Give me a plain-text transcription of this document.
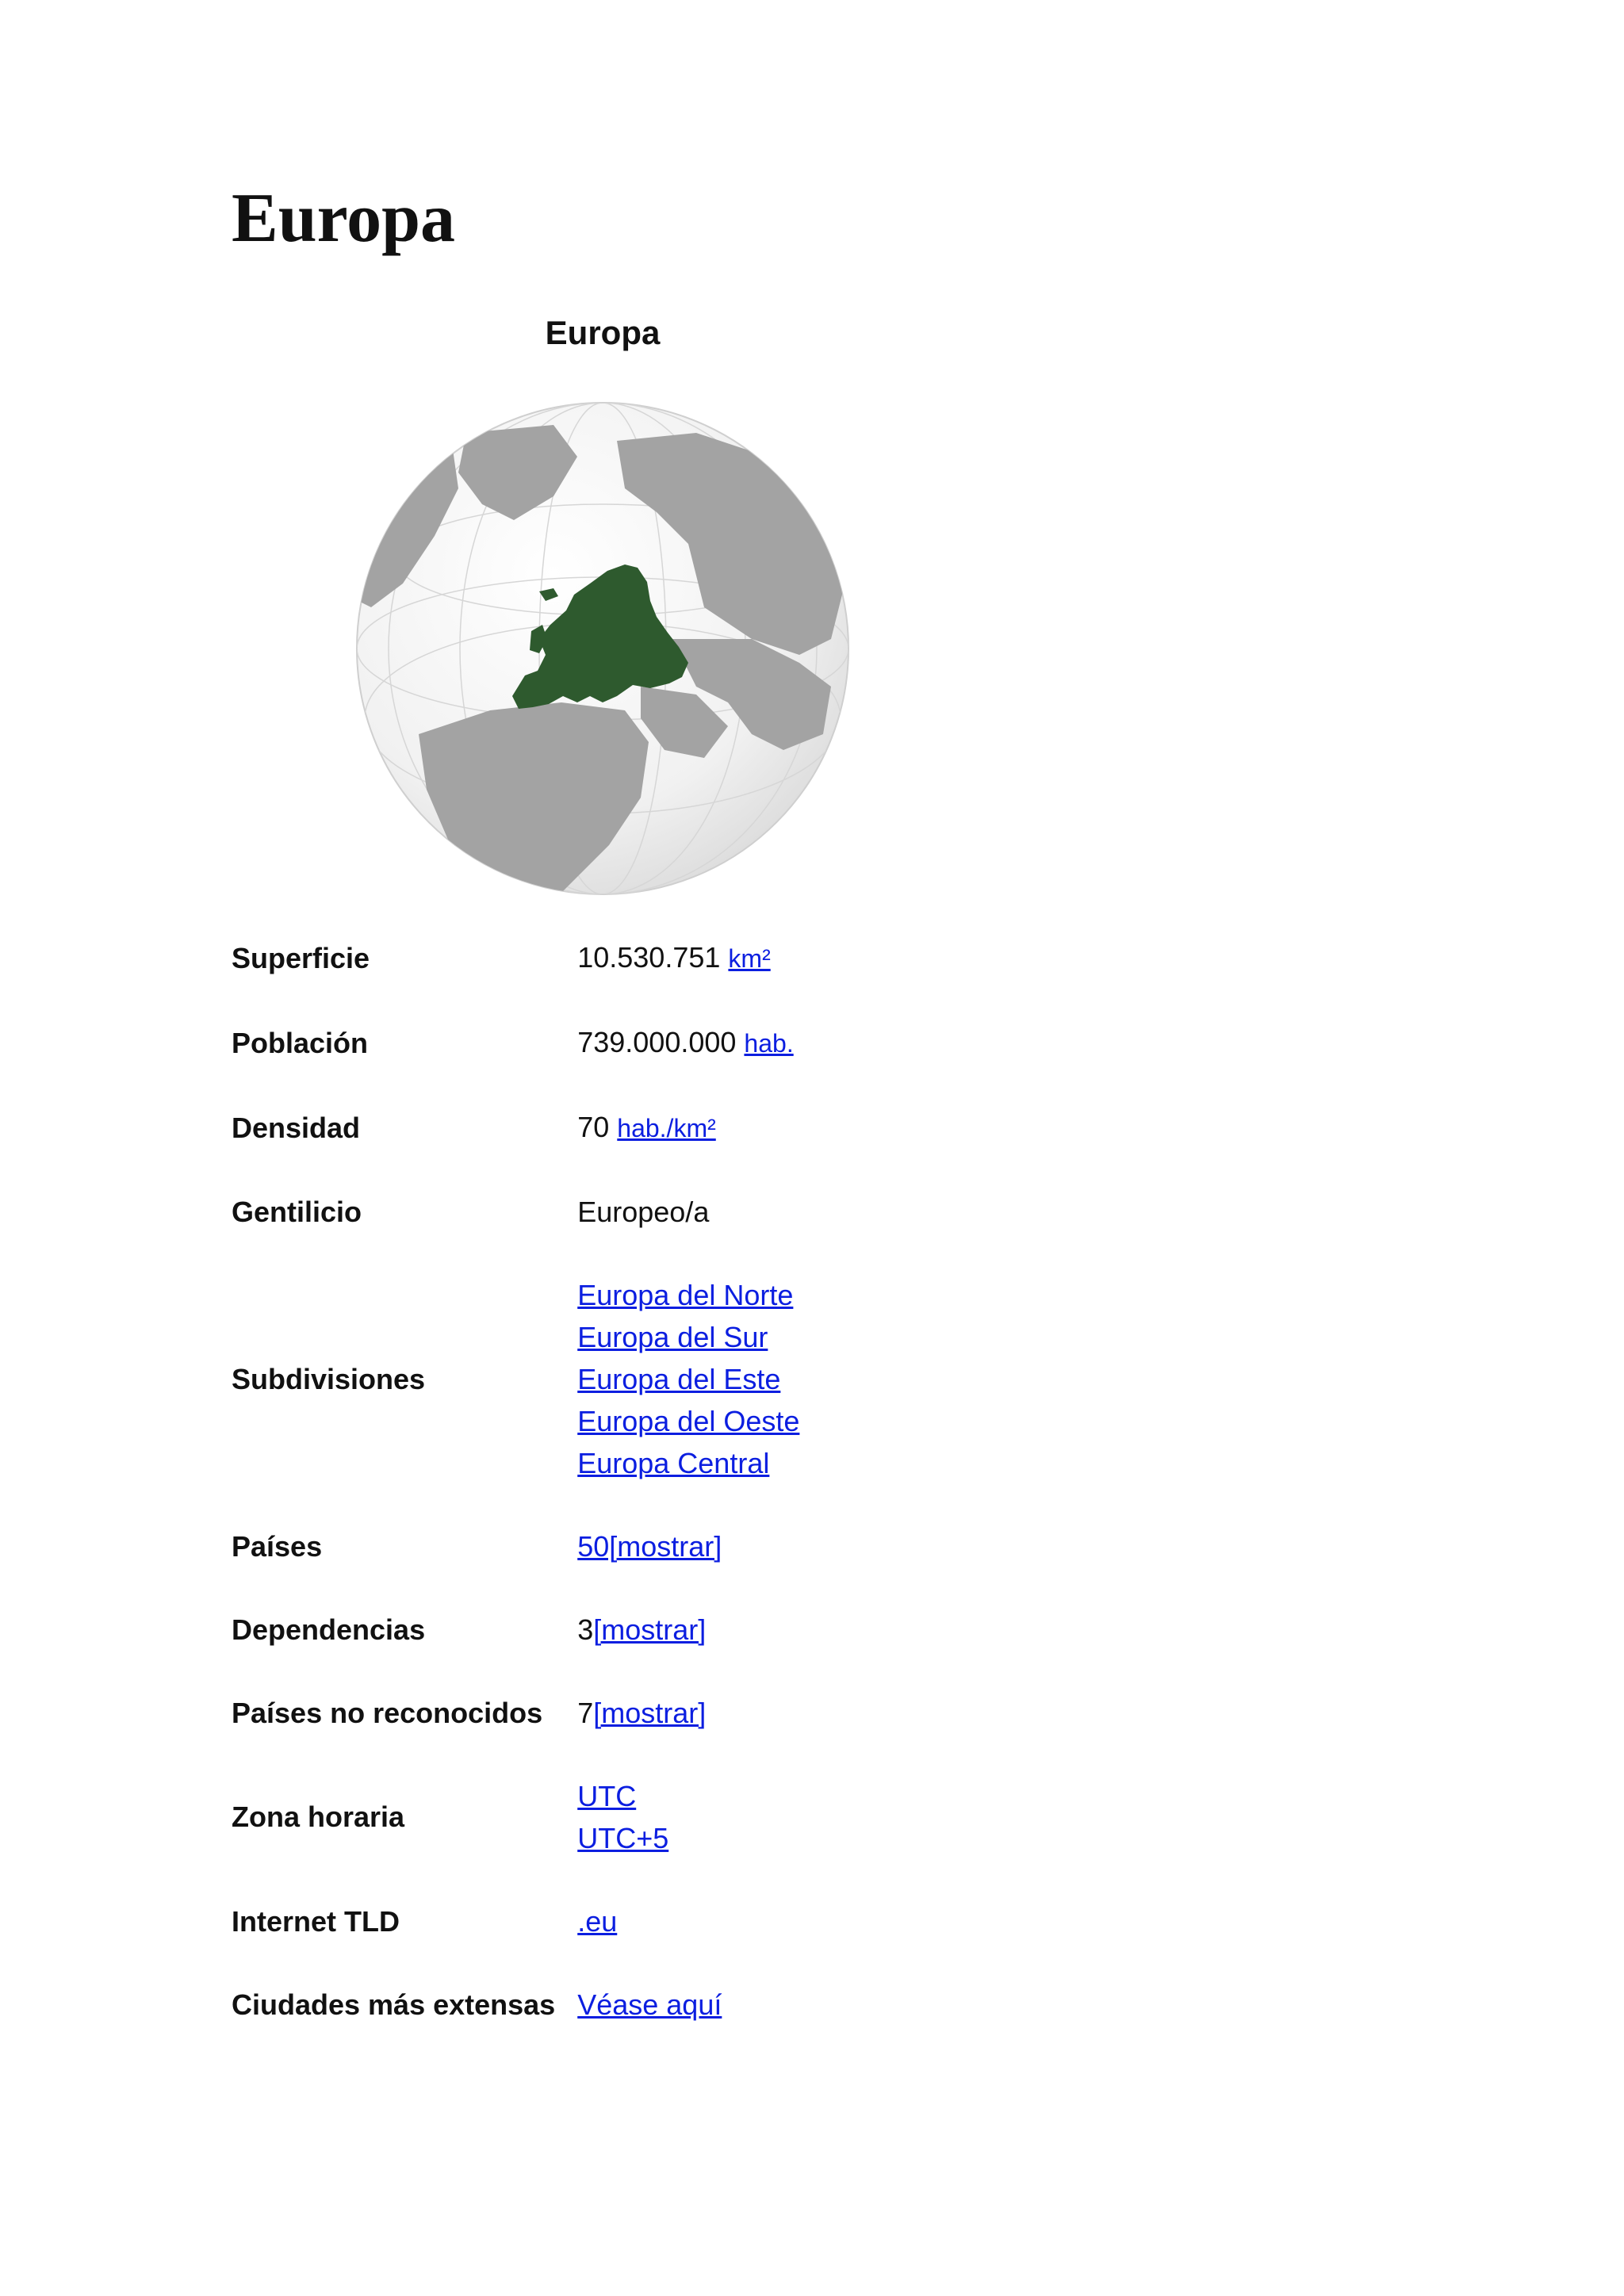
Europa
Europa
Superficie	10.530.751 km²
Población	739.000.000 hab.
Densidad	70 hab./km²
Gentilicio	Europeo/a
Subdivisiones	Europa del Norte
Europa del Sur
Europa del Este
Europa del Oeste
Europa Central

Países	50[mostrar]
Dependencias	3[mostrar]
Países no reconocidos	7[mostrar]
Zona horaria	UTC
UTC+5

Internet TLD	.eu
Ciudades más extensas	Véase aquí
